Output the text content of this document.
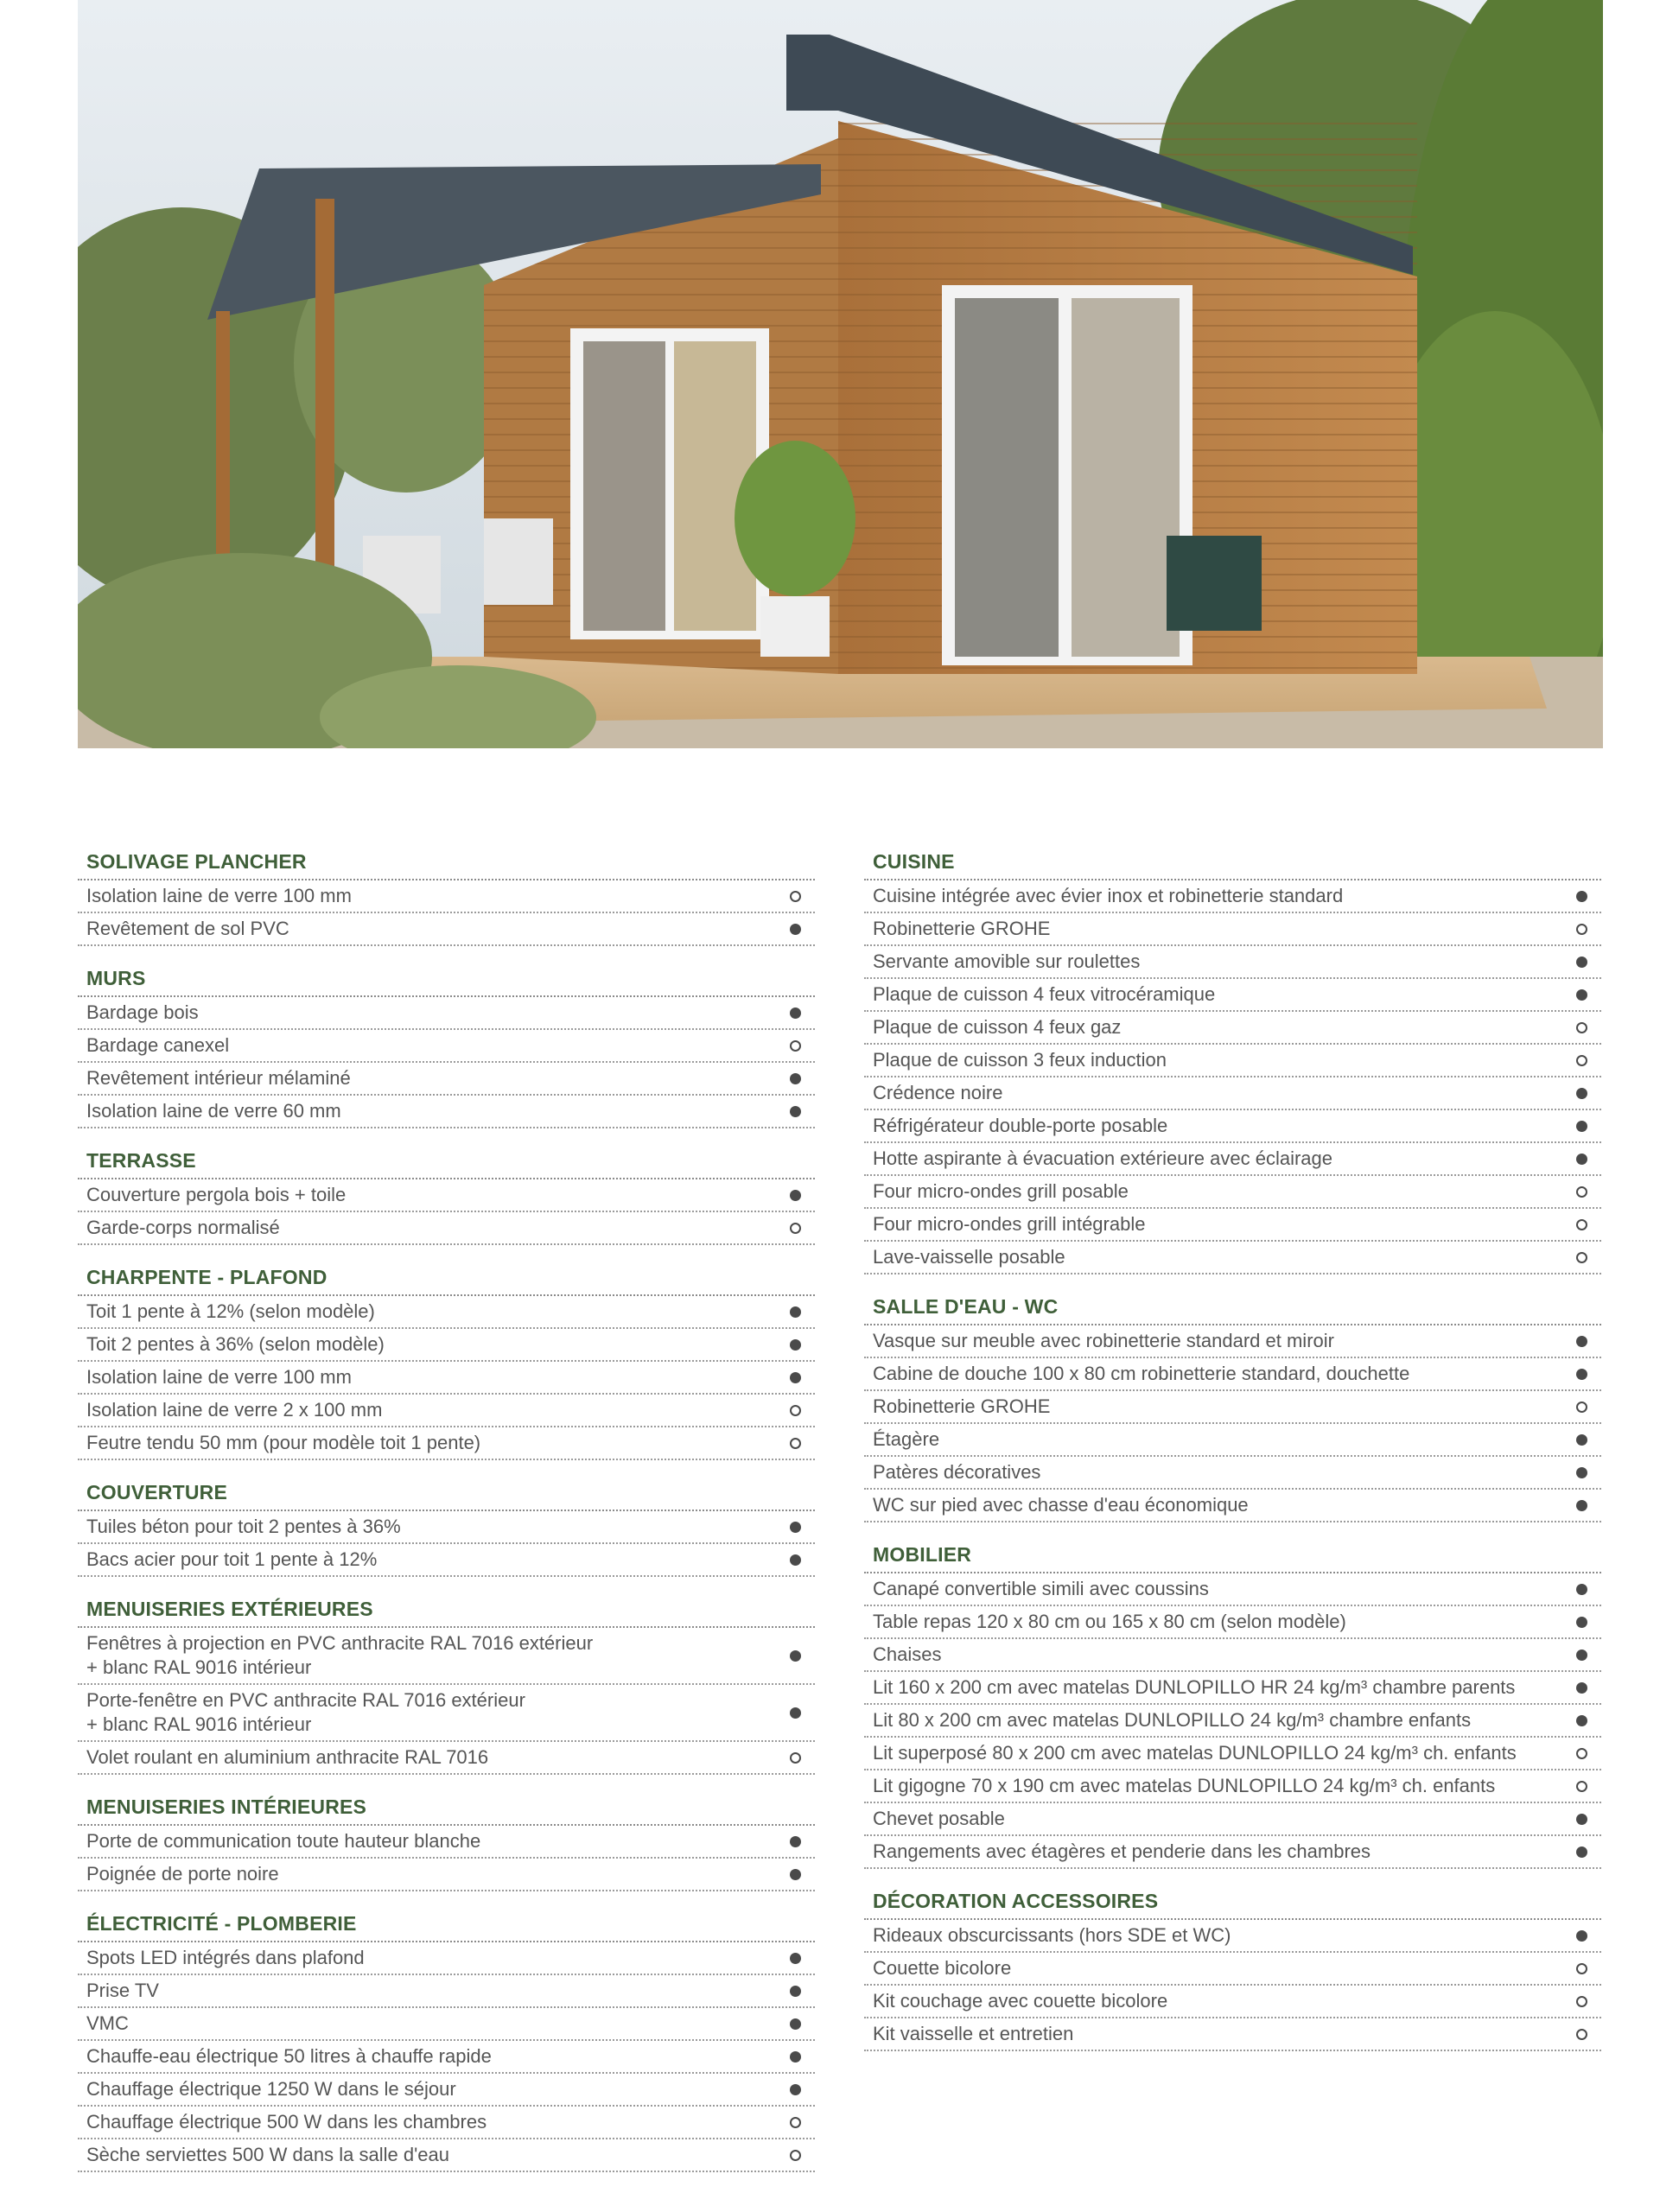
SOLIVAGE PLANCHER
Isolation laine de verre 100 mm
Revêtement de sol PVC
MURS
Bardage bois
Bardage canexel
Revêtement intérieur mélaminé
Isolation laine de verre 60 mm
TERRASSE
Couverture pergola bois + toile
Garde-corps normalisé
CHARPENTE - PLAFOND
Toit 1 pente à 12% (selon modèle)
Toit 2 pentes à 36% (selon modèle)
Isolation laine de verre 100 mm
Isolation laine de verre 2 x 100 mm
Feutre tendu 50 mm (pour modèle toit 1 pente)
COUVERTURE
Tuiles béton pour toit 2 pentes à 36%
Bacs acier pour toit 1 pente à 12%
MENUISERIES EXTÉRIEURES
Fenêtres à projection en PVC anthracite RAL 7016 extérieur
+ blanc RAL 9016 intérieur
Porte-fenêtre en PVC anthracite RAL 7016 extérieur
+ blanc RAL 9016 intérieur
Volet roulant en aluminium anthracite RAL 7016
MENUISERIES INTÉRIEURES
Porte de communication toute hauteur blanche
Poignée de porte noire
ÉLECTRICITÉ - PLOMBERIE
Spots LED intégrés dans plafond
Prise TV
VMC
Chauffe-eau électrique 50 litres à chauffe rapide
Chauffage électrique 1250 W dans le séjour
Chauffage électrique 500 W dans les chambres
Sèche serviettes 500 W dans la salle d'eau
CUISINE
Cuisine intégrée avec évier inox et robinetterie standard
Robinetterie GROHE
Servante amovible sur roulettes
Plaque de cuisson 4 feux vitrocéramique
Plaque de cuisson 4 feux gaz
Plaque de cuisson 3 feux induction
Crédence noire
Réfrigérateur double-porte posable
Hotte aspirante à évacuation extérieure avec éclairage
Four micro-ondes grill posable
Four micro-ondes grill intégrable
Lave-vaisselle posable
SALLE D'EAU - WC
Vasque sur meuble avec robinetterie standard et miroir
Cabine de douche 100 x 80 cm robinetterie standard, douchette
Robinetterie GROHE
Étagère
Patères décoratives
WC sur pied avec chasse d'eau économique
MOBILIER
Canapé convertible simili avec coussins
Table repas 120 x 80 cm ou 165 x 80 cm (selon modèle)
Chaises
Lit 160 x 200 cm avec matelas DUNLOPILLO HR 24 kg/m³ chambre parents
Lit 80 x 200 cm avec matelas DUNLOPILLO 24 kg/m³ chambre enfants
Lit superposé 80 x 200 cm avec matelas DUNLOPILLO 24 kg/m³ ch. enfants
Lit gigogne 70 x 190 cm avec matelas DUNLOPILLO 24 kg/m³ ch. enfants
Chevet posable
Rangements avec étagères et penderie dans les chambres
DÉCORATION ACCESSOIRES
Rideaux obscurcissants (hors SDE et WC)
Couette bicolore
Kit couchage avec couette bicolore
Kit vaisselle et entretien
